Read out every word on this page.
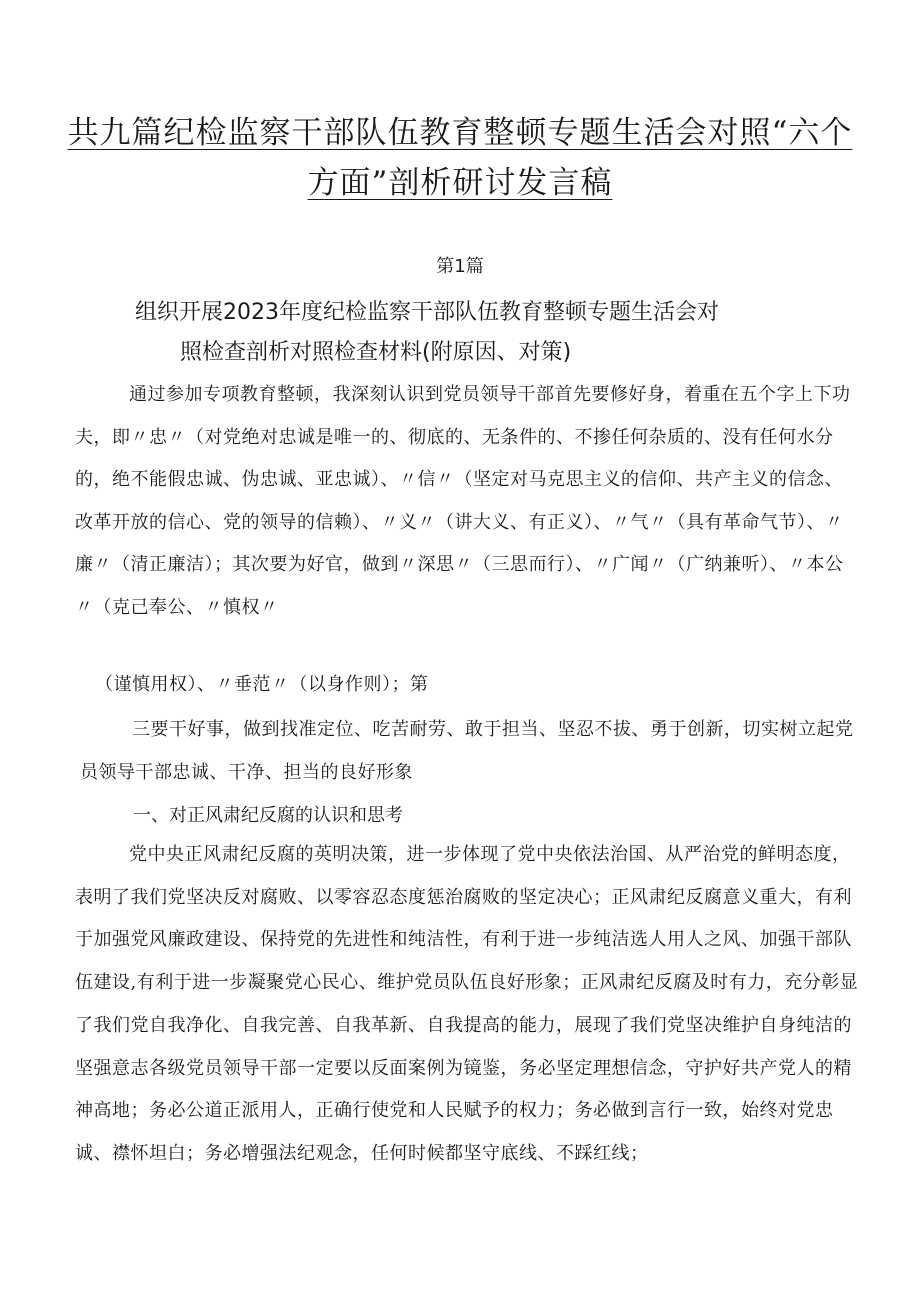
共九篇纪检监察干部队伍教育整顿专题生活会对照“六个方面”剖析研讨发言稿

第1篇

组织开展2023年度纪检监察干部队伍教育整顿专题生活会对
照检查剖析对照检查材料(附原因、对策)

通过参加专项教育整顿，我深刻认识到党员领导干部首先要修好身，着重在五个字上下功夫，即〃忠〃（对党绝对忠诚是唯一的、彻底的、无条件的、不掺任何杂质的、没有任何水分的，绝不能假忠诚、伪忠诚、亚忠诚）、〃信〃（坚定对马克思主义的信仰、共产主义的信念、改革开放的信心、党的领导的信赖）、〃义〃（讲大义、有正义）、〃气〃（具有革命气节）、〃廉〃（清正廉洁）；其次要为好官，做到〃深思〃（三思而行）、〃广闻〃（广纳兼听）、〃本公〃（克己奉公、〃慎权〃

（谨慎用权）、〃垂范〃（以身作则）；第

三要干好事，做到找准定位、吃苦耐劳、敢于担当、坚忍不拔、勇于创新，切实树立起党员领导干部忠诚、干净、担当的良好形象

一、对正风肃纪反腐的认识和思考

党中央正风肃纪反腐的英明决策，进一步体现了党中央依法治国、从严治党的鲜明态度，表明了我们党坚决反对腐败、以零容忍态度惩治腐败的坚定决心；正风肃纪反腐意义重大，有利于加强党风廉政建设、保持党的先进性和纯洁性，有利于进一步纯洁选人用人之风、加强干部队伍建设,有利于进一步凝聚党心民心、维护党员队伍良好形象；正风肃纪反腐及时有力，充分彰显了我们党自我净化、自我完善、自我革新、自我提高的能力，展现了我们党坚决维护自身纯洁的坚强意志各级党员领导干部一定要以反面案例为镜鉴，务必坚定理想信念，守护好共产党人的精神高地；务必公道正派用人，正确行使党和人民赋予的权力；务必做到言行一致，始终对党忠诚、襟怀坦白；务必增强法纪观念，任何时候都坚守底线、不踩红线；
